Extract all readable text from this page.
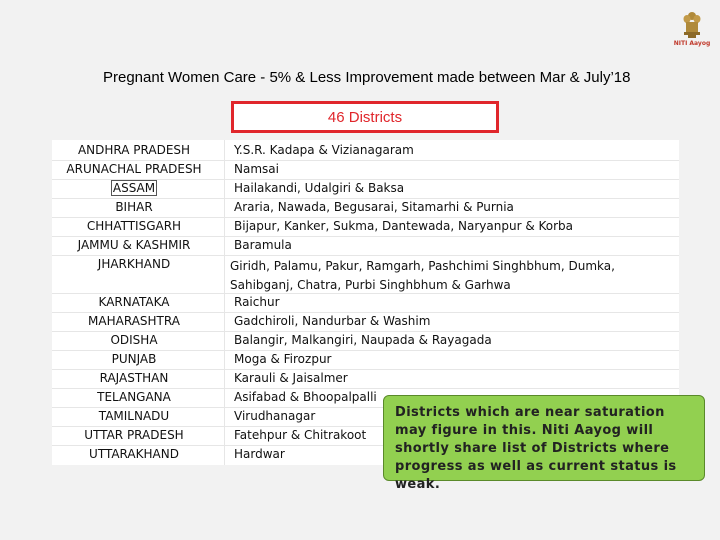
NITI Aayog
Pregnant Women Care - 5% & Less Improvement made between Mar & July’18
46 Districts
ANDHRA PRADESH	Y.S.R. Kadapa & Vizianagaram
ARUNACHAL PRADESH	Namsai
ASSAM	Hailakandi, Udalgiri & Baksa
BIHAR	Araria, Nawada, Begusarai, Sitamarhi & Purnia
CHHATTISGARH	Bijapur, Kanker, Sukma, Dantewada, Naryanpur & Korba
JAMMU & KASHMIR	Baramula
JHARKHAND	Giridh, Palamu, Pakur, Ramgarh, Pashchimi Singhbhum, Dumka, Sahibganj, Chatra, Purbi Singhbhum & Garhwa
KARNATAKA	Raichur
MAHARASHTRA	Gadchiroli, Nandurbar & Washim
ODISHA	Balangir, Malkangiri, Naupada & Rayagada
PUNJAB	Moga & Firozpur
RAJASTHAN	Karauli & Jaisalmer
TELANGANA	Asifabad & Bhoopalpalli
TAMILNADU	Virudhanagar
UTTAR PRADESH	Fatehpur & Chitrakoot
UTTARAKHAND	Hardwar
Districts which are near saturation may figure in this. Niti Aayog will shortly share list of Districts where progress as well as current status is weak.
